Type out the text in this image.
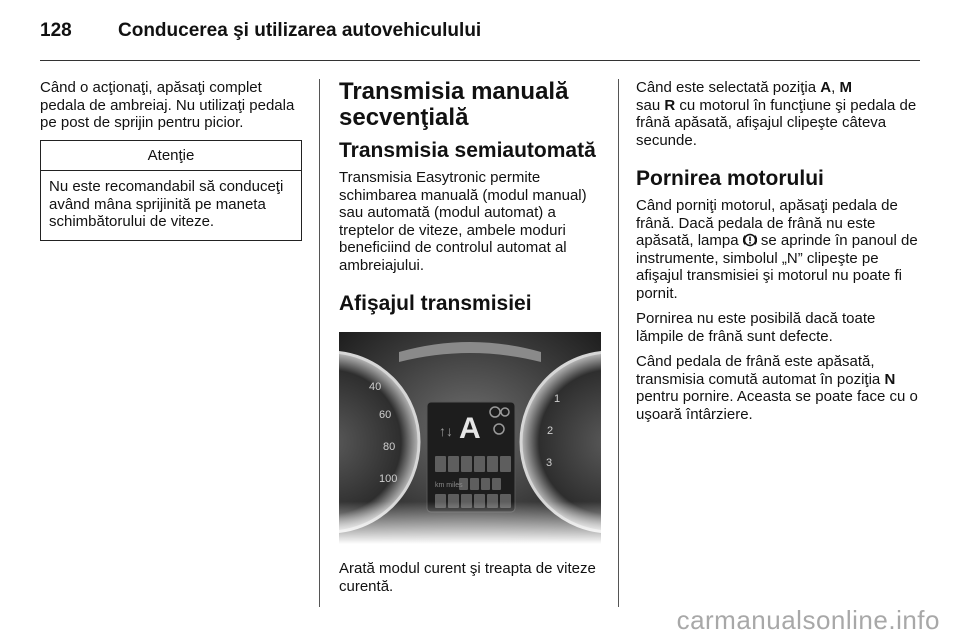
128 Conducerea şi utilizarea autovehiculului

Când o acţionaţi, apăsaţi complet pedala de ambreiaj. Nu utilizaţi pedala pe post de sprijin pentru picior.

Atenţie
Nu este recomandabil să conduceţi având mâna sprijinită pe maneta schimbătorului de viteze.
Transmisia manuală secvenţială
Transmisia semiautomată

Transmisia Easytronic permite schimbarea manuală (modul manual) sau automată (modul automat) a treptelor de viteze, ambele moduri beneficiind de controlul automat al ambreiajului.

Afişajul transmisiei

Arată modul curent şi treapta de viteze curentă.

Când este selectată poziţia A, M
sau R cu motorul în funcţiune şi pedala de frână apăsată, afişajul clipeşte câteva secunde.

Pornirea motorului

Când porniţi motorul, apăsaţi pedala de frână. Dacă pedala de frână nu este apăsată, lampa  se aprinde în panoul de instrumente, simbolul „N” clipeşte pe afişajul transmisiei şi motorul nu poate fi pornit.

Pornirea nu este posibilă dacă toate lămpile de frână sunt defecte.

Când pedala de frână este apăsată, transmisia comută automat în poziţia N pentru pornire. Aceasta se poate face cu o uşoară întârziere.

carmanualsonline.info
